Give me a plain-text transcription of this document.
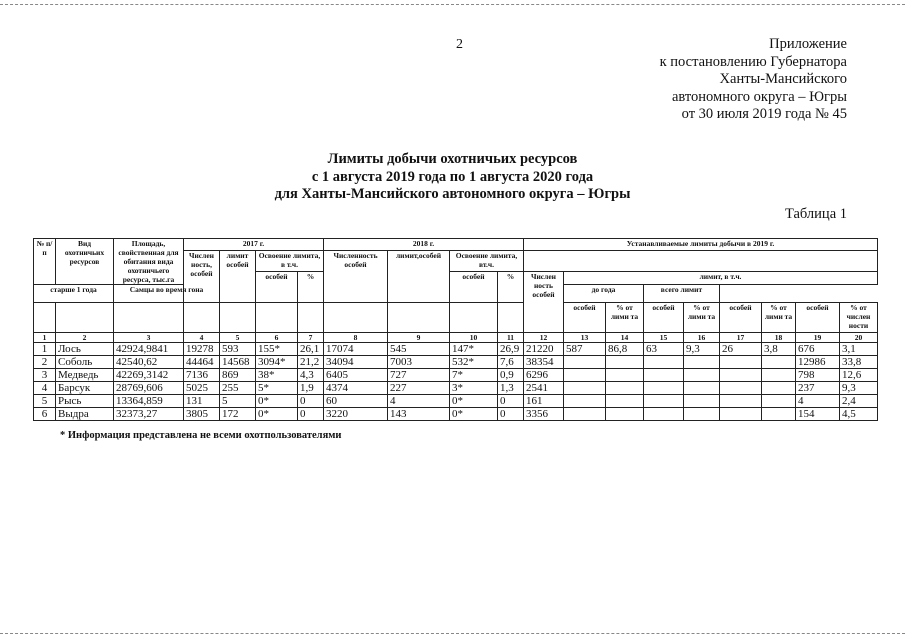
2	Приложение
к постановлению Губернатора
Ханты-Мансийского
автономного округа – Югры
от 30 июля 2019 года № 45
Лимиты добычи охотничьих ресурсов
с 1 августа 2019 года по 1 августа 2020 года
для Ханты-Мансийского автономного округа – Югры
Таблица 1
№ п/п	Вид охотничьих ресурсов	Площадь, свойственная для обитания вида охотничьего ресурса, тыс.га	2017 г.				2018 г.				Устанавливаемые лимиты добычи в 2019 г.								
			Числен ность, особей	лимит особей	Освоение лимита, в т.ч.		Численность особей	лимит,особей	Освоение лимита, вт.ч.										
					особей	%			особей	%	Числен ность особей	лимит, в т.ч.							
старше 1 года		Самцы во время гона										до года		всего лимит					
												особей	% от лими та	особей	% от лими та	особей	% от лими та	особей	% от числен ности
1	2	3	4	5	6	7	8	9	10	11	12	13	14	15	16	17	18	19	20
1	Лось	42924,9841	19278	593	155*	26,1	17074	545	147*	26,9	21220	587	86,8	63	9,3	26	3,8	676	3,1
2	Соболь	42540,62	44464	14568	3094*	21,2	34094	7003	532*	7,6	38354							12986	33,8
3	Медведь	42269,3142	7136	869	38*	4,3	6405	727	7*	0,9	6296							798	12,6
4	Барсук	28769,606	5025	255	5*	1,9	4374	227	3*	1,3	2541							237	9,3
5	Рысь	13364,859	131	5	0*	0	60	4	0*	0	161							4	2,4
6	Выдра	32373,27	3805	172	0*	0	3220	143	0*	0	3356							154	4,5
* Информация представлена не всеми охотпользователями
